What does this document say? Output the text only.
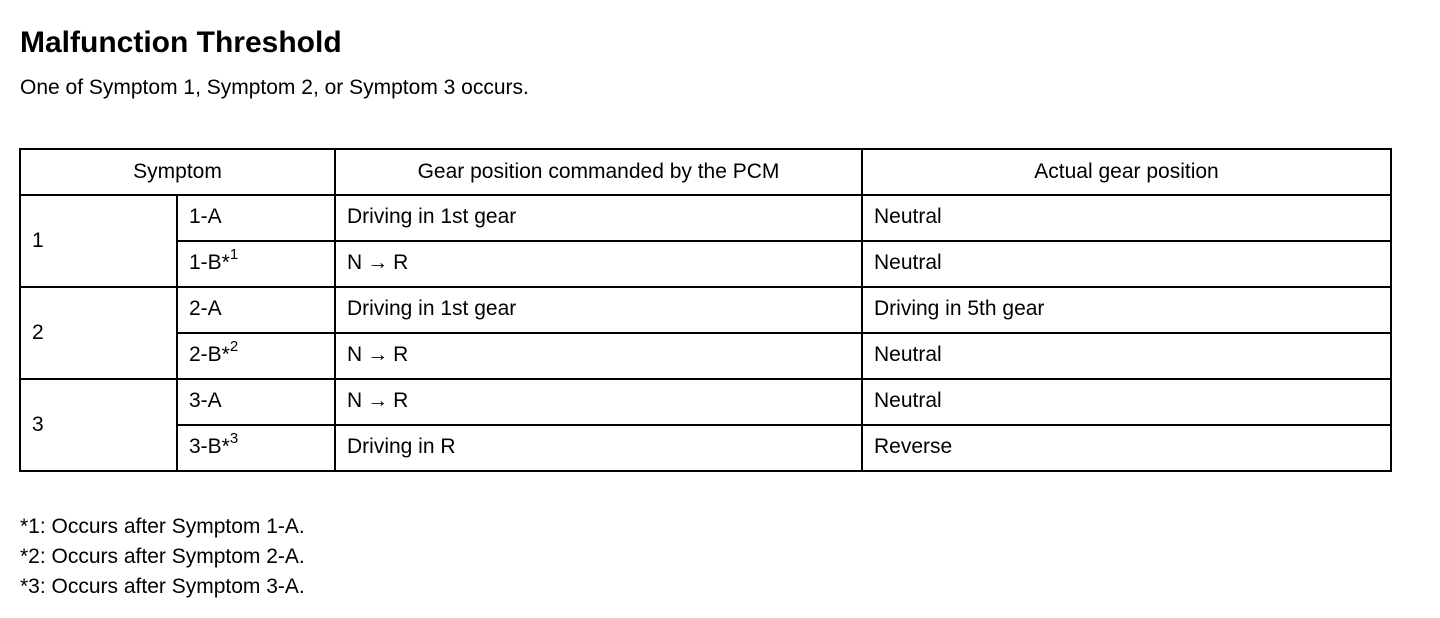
Malfunction Threshold
One of Symptom 1, Symptom 2, or Symptom 3 occurs.
Symptom		Gear position commanded by the PCM	Actual gear position
1	1-A	Driving in 1st gear	Neutral
	1-B*$^1$	N → R	Neutral
2	2-A	Driving in 1st gear	Driving in 5th gear
	2-B*$^2$	N → R	Neutral
3	3-A	N → R	Neutral
	3-B*$^3$	Driving in R	Reverse
*1: Occurs after Symptom 1-A.
*2: Occurs after Symptom 2-A.
*3: Occurs after Symptom 3-A.
